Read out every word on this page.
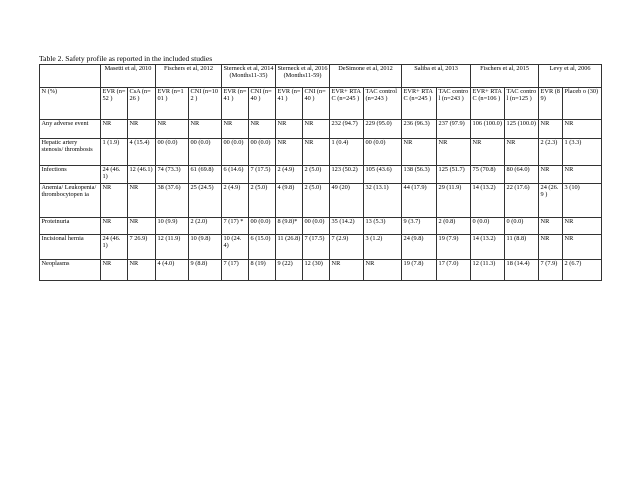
Table 2. Safety profile as reported in the included studies
	Masetti et al, 2010		Fischers et al, 2012		Sterneck et al, 2014 (Months11-35)		Sterneck et al, 2016 (Months11-59)		DeSimone et al, 2012		Saliba et al, 2013		Fischers et al, 2015		Levy et al, 2006	
N (%)	EVR (n=52 )	CsA (n=26 )	EVR (n=101 )	CNI (n=102 )	EVR (n=41 )	CNI (n=40 )	EVR (n=41 )	CNI (n=40 )	EVR+ RTAC (n=245 )	TAC control (n=243 )	EVR+ RTAC (n=245 )	TAC control (n=243 )	EVR+ RTAC (n=106 )	TAC control (n=125 )	EVR (89)	Placeb o (30)
Any adverse event	NR	NR	NR	NR	NR	NR	NR	NR	232 (94.7)	229 (95.0)	236 (96.3)	237 (97.9)	106 (100.0)	125 (100.0)	NR	NR
Hepatic artery stenosis/ thrombosis	1 (1.9)	4 (15.4)	00 (0.0)	00 (0.0)	00 (0.0)	00 (0.0)	NR	NR	1 (0.4)	00 (0.0)	NR	NR	NR	NR	2 (2.3)	1 (3.3)
Infections	24 (46.1)	12 (46.1)	74 (73.3)	61 (69.8)	6 (14.6)	7 (17.5)	2 (4.9)	2 (5.0)	123 (50.2)	105 (43.6)	138 (56.3)	125 (51.7)	75 (70.8)	80 (64.0)	NR	NR
Anemia/ Leukopenia/ thrombocytopen ia	NR	NR	38 (37.6)	25 (24.5)	2 (4.9)	2 (5.0)	4 (9.8)	2 (5.0)	49 (20)	32 (13.1)	44 (17.9)	29 (11.9)	14 (13.2)	22 (17.6)	24 (26.9 )	3 (10)
Proteinuria	NR	NR	10 (9.9)	2 (2.0)	7 (17) *	00 (0.0)	8 (9.8)*	00 (0.0)	35 (14.2)	13 (5.3)	9 (3.7)	2 (0.8)	0 (0.0)	0 (0.0)	NR	NR
Incisional hernia	24 (46.1)	7 26.9)	12 (11.9)	10 (9.8)	10 (24.4)	6 (15.0)	11 (26.8)	7 (17.5)	7 (2.9)	3 (1.2)	24 (9.8)	19 (7.9)	14 (13.2)	11 (8.8)	NR	NR
Neoplasms	NR	NR	4 (4.0)	9 (8.8)	7 (17)	8 (19)	9 (22)	12 (30)	NR	NR	19 (7.8)	17 (7.0)	12 (11.3)	18 (14.4)	7 (7.9)	2 (6.7)
